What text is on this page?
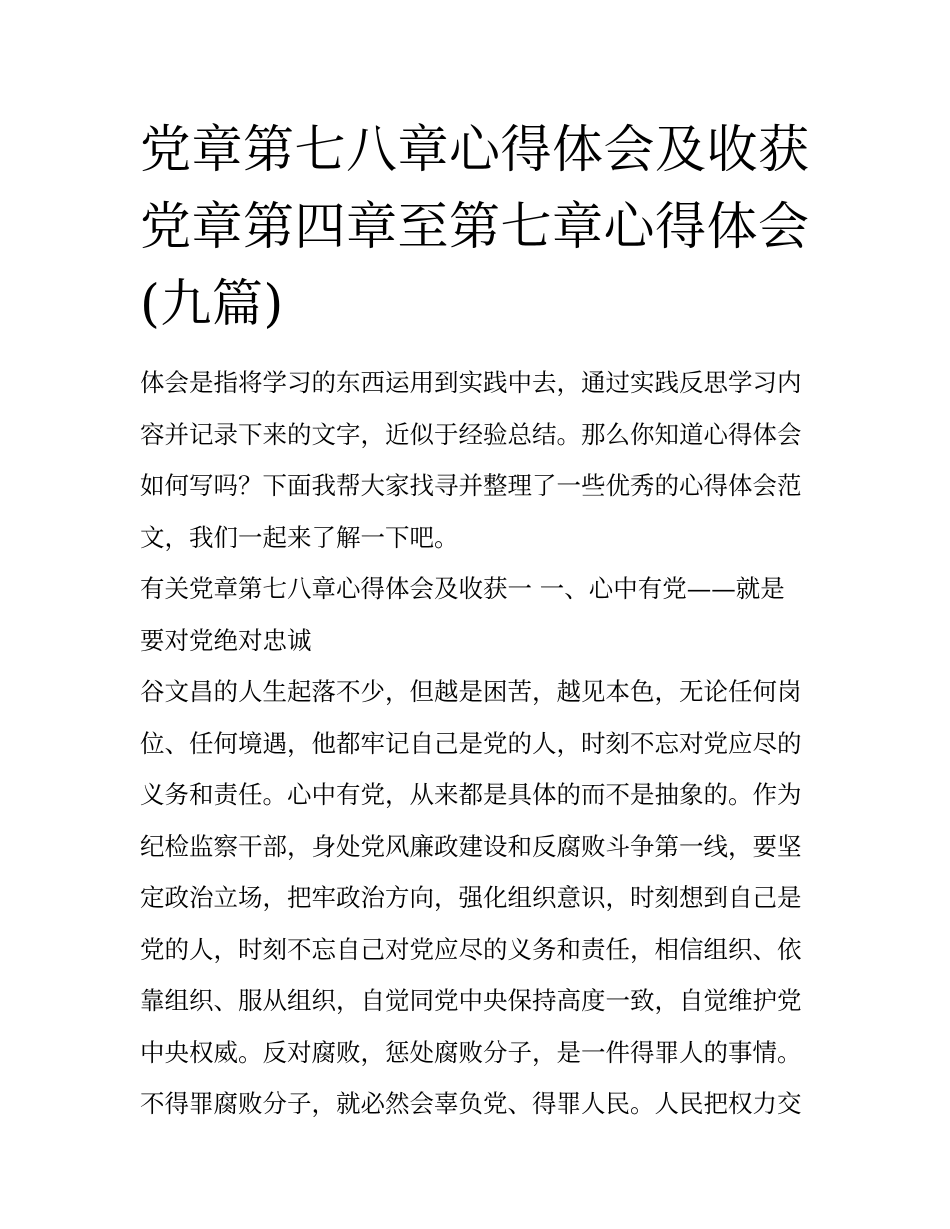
党章第七八章心得体会及收获
党章第四章至第七章心得体会
(九篇)
体会是指将学习的东西运用到实践中去，通过实践反思学习内
容并记录下来的文字，近似于经验总结。那么你知道心得体会
如何写吗？下面我帮大家找寻并整理了一些优秀的心得体会范
文，我们一起来了解一下吧。
有关党章第七八章心得体会及收获一 一、心中有党——就是
要对党绝对忠诚
谷文昌的人生起落不少，但越是困苦，越见本色，无论任何岗
位、任何境遇，他都牢记自己是党的人，时刻不忘对党应尽的
义务和责任。心中有党，从来都是具体的而不是抽象的。作为
纪检监察干部，身处党风廉政建设和反腐败斗争第一线，要坚
定政治立场，把牢政治方向，强化组织意识，时刻想到自己是
党的人，时刻不忘自己对党应尽的义务和责任，相信组织、依
靠组织、服从组织，自觉同党中央保持高度一致，自觉维护党
中央权威。反对腐败，惩处腐败分子，是一件得罪人的事情。
不得罪腐败分子，就必然会辜负党、得罪人民。人民把权力交
